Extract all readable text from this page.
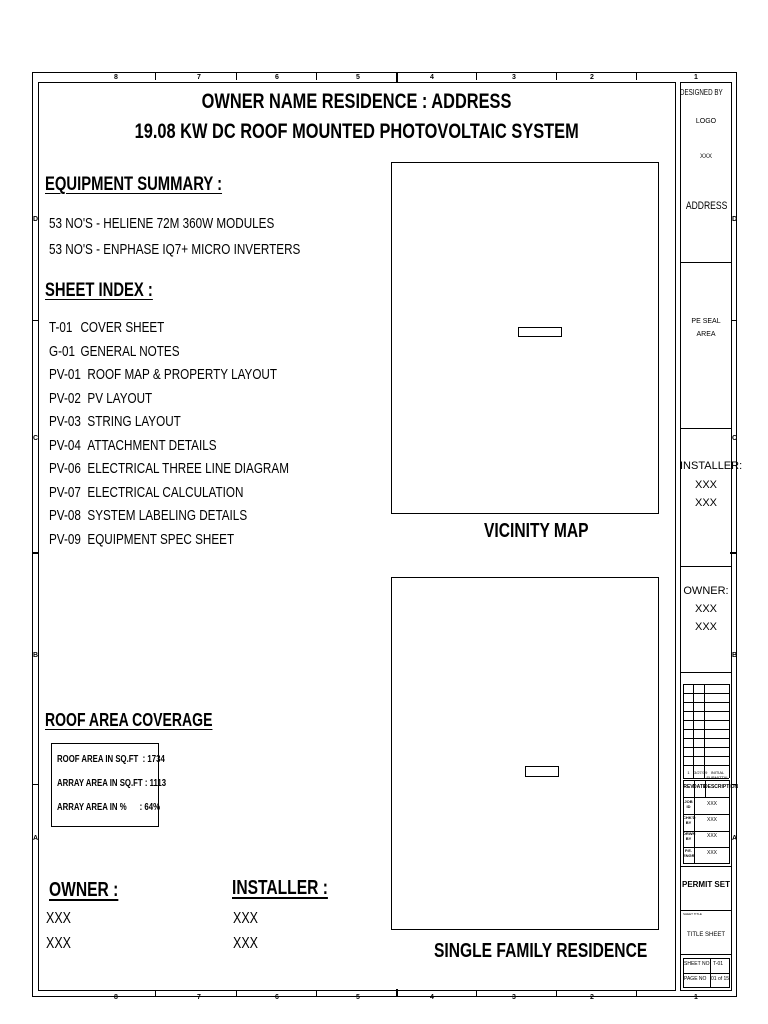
8	7	6	5	4	3	2	1
8	7	6	5	4	3	2	1
D
C
B
A
D
C
B
A
OWNER NAME RESIDENCE : ADDRESS
19.08 KW DC ROOF MOUNTED PHOTOVOLTAIC SYSTEM
EQUIPMENT SUMMARY :
53 NO'S - HELIENE 72M 360W MODULES
53 NO'S - ENPHASE IQ7+ MICRO INVERTERS
SHEET INDEX :
T-01 COVER SHEET
G-01 GENERAL NOTES
PV-01 ROOF MAP & PROPERTY LAYOUT
PV-02 PV LAYOUT
PV-03 STRING LAYOUT
PV-04 ATTACHMENT DETAILS
PV-06 ELECTRICAL THREE LINE DIAGRAM
PV-07 ELECTRICAL CALCULATION
PV-08 SYSTEM LABELING DETAILS
PV-09 EQUIPMENT SPEC SHEET
ROOF AREA COVERAGE
ROOF AREA IN SQ.FT : 1734
ARRAY AREA IN SQ.FT : 1113
ARRAY AREA IN % : 64%
OWNER :
XXX
XXX
INSTALLER :
XXX
XXX
VICINITY MAP
SINGLE FAMILY RESIDENCE
DESIGNED BY
LOGO
XXX
ADDRESS
PE SEAL
AREA
INSTALLER:
XXX
XXX
OWNER:
XXX
XXX
1	3/27/19 INITIAL SUBMITTAL
REV DATE
DESCRIPTION
JOB ID	XXX
CHK'D BY	XXX
DRWN BY	XXX
P.E. ENGR	XXX
PERMIT SET
SHEET TITLE
TITLE SHEET
SHEET NO T-01
PAGE NO 01 of 15
